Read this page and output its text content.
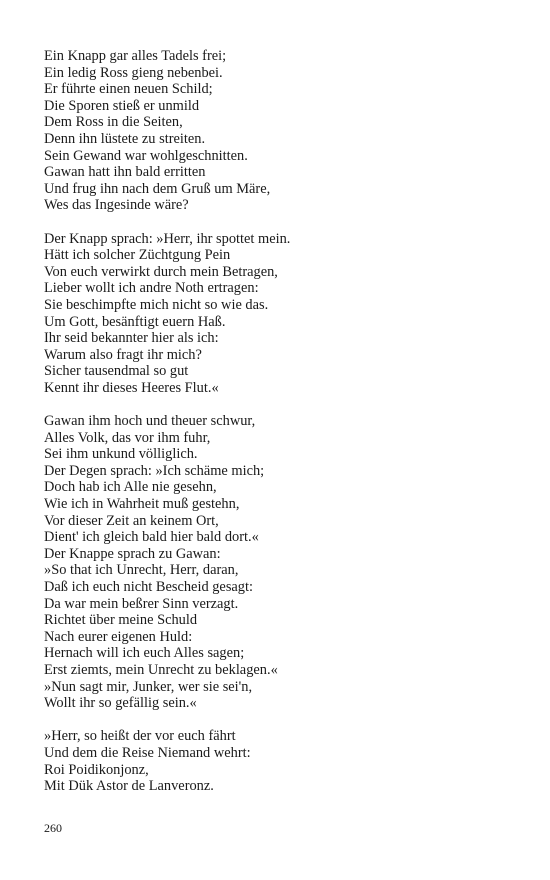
Ein Knapp gar alles Tadels frei;
Ein ledig Ross gieng nebenbei.
Er führte einen neuen Schild;
Die Sporen stieß er unmild
Dem Ross in die Seiten,
Denn ihn lüstete zu streiten.
Sein Gewand war wohlgeschnitten.
Gawan hatt ihn bald erritten
Und frug ihn nach dem Gruß um Märe,
Wes das Ingesinde wäre?
Der Knapp sprach: »Herr, ihr spottet mein.
Hätt ich solcher Züchtgung Pein
Von euch verwirkt durch mein Betragen,
Lieber wollt ich andre Noth ertragen:
Sie beschimpfte mich nicht so wie das.
Um Gott, besänftigt euern Haß.
Ihr seid bekannter hier als ich:
Warum also fragt ihr mich?
Sicher tausendmal so gut
Kennt ihr dieses Heeres Flut.«
Gawan ihm hoch und theuer schwur,
Alles Volk, das vor ihm fuhr,
Sei ihm unkund völliglich.
Der Degen sprach: »Ich schäme mich;
Doch hab ich Alle nie gesehn,
Wie ich in Wahrheit muß gestehn,
Vor dieser Zeit an keinem Ort,
Dient' ich gleich bald hier bald dort.«
Der Knappe sprach zu Gawan:
»So that ich Unrecht, Herr, daran,
Daß ich euch nicht Bescheid gesagt:
Da war mein beßrer Sinn verzagt.
Richtet über meine Schuld
Nach eurer eigenen Huld:
Hernach will ich euch Alles sagen;
Erst ziemts, mein Unrecht zu beklagen.«
»Nun sagt mir, Junker, wer sie sei'n,
Wollt ihr so gefällig sein.«
»Herr, so heißt der vor euch fährt
Und dem die Reise Niemand wehrt:
Roi Poidikonjonz,
Mit Dük Astor de Lanveronz.
260
